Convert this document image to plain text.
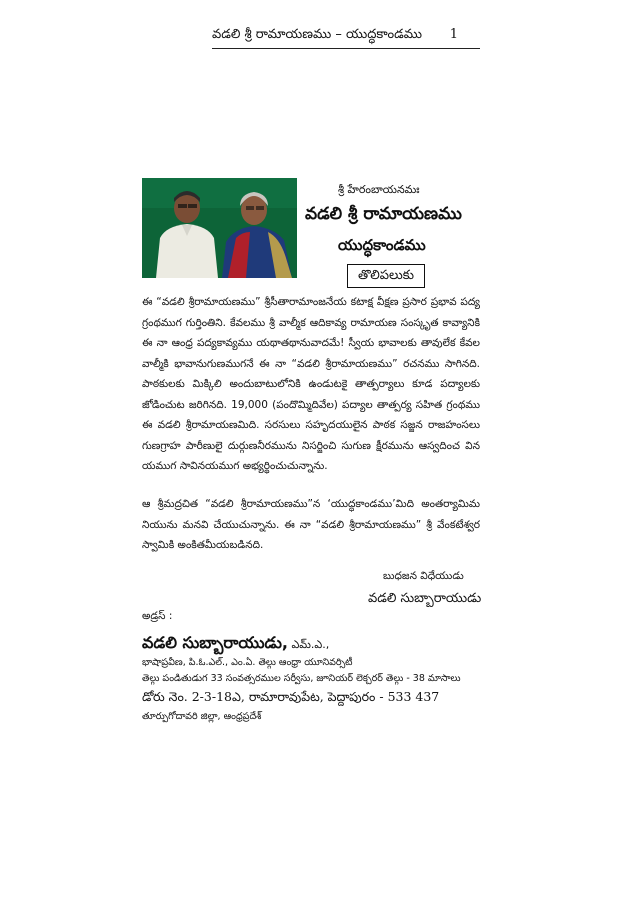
వడలి శ్రీ రామాయణము – యుద్ధకాండము 1
శ్రీ హేరంబాయనమః
వడలి శ్రీ రామాయణము
యుద్ధకాండము
తొలిపలుకు
ఈ “వడలి శ్రీరామాయణము” శ్రీసీతారామాంజనేయ కటాక్ష వీక్షణ ప్రసార ప్రభావ పద్యగ్రంథముగ గుర్తింతిని. కేవలము శ్రీ వాల్మీక ఆదికావ్య రామాయణ సంస్కృత కావ్యానికి ఈ నా ఆంధ్ర పద్యకావ్యము యథాతథానువాదమే! స్వీయ భావాలకు తావులేక కేవల వాల్మీకి భావానుగుణముగనే ఈ నా “వడలి శ్రీరామాయణము” రచనము సాగినది. పాఠకులకు మిక్కిలి అందుబాటులోనికి ఉండుటకై తాత్పర్యాలు కూడ పద్యాలకు జోడించుట జరిగినది. 19,000 (పందొమ్మిదివేల) పద్యాల తాత్పర్య సహిత గ్రంథము ఈ వడలి శ్రీరామాయణమిది. సరసులు సహృదయులైన పాఠక సజ్జన రాజహంసలు గుణగ్రాహ పారీణులై దుర్గుణనీరమును నిసర్జించి సుగుణ క్షీరమును ఆస్వదించ వినయముగ సావినయముగ అభ్యర్థించుచున్నాను.
ఆ శ్రీమద్రచిత “వడలి శ్రీరామాయణము”న ‘యుద్ధకాండము’మిది అంతర్యామిమనియును మనవి చేయుచున్నాను. ఈ నా “వడలి శ్రీరామాయణము” శ్రీ వేంకటేశ్వరస్వామికి అంకితమీయబడినది.
బుధజన విధేయుడు
వడలి సుబ్బారాయుడు
అడ్రస్ :
వడలి సుబ్బారాయుడు, ఎమ్.ఎ.,
భాషాప్రవీణ, పి.ఓ.ఎల్., ఎం.ఏ. తెల్గు ఆంధ్రా యూనివర్సిటీ
తెల్గు పండితుడుగ 33 సంవత్సరముల సర్వీసు, జూనియర్ లెక్చరర్ తెల్గు - 38 మాసాలు
డోరు నెం. 2-3-18ఎ, రామారావుపేట, పెద్దాపురం - 533 437
తూర్పుగోదావరి జిల్లా, ఆంధ్రప్రదేశ్
